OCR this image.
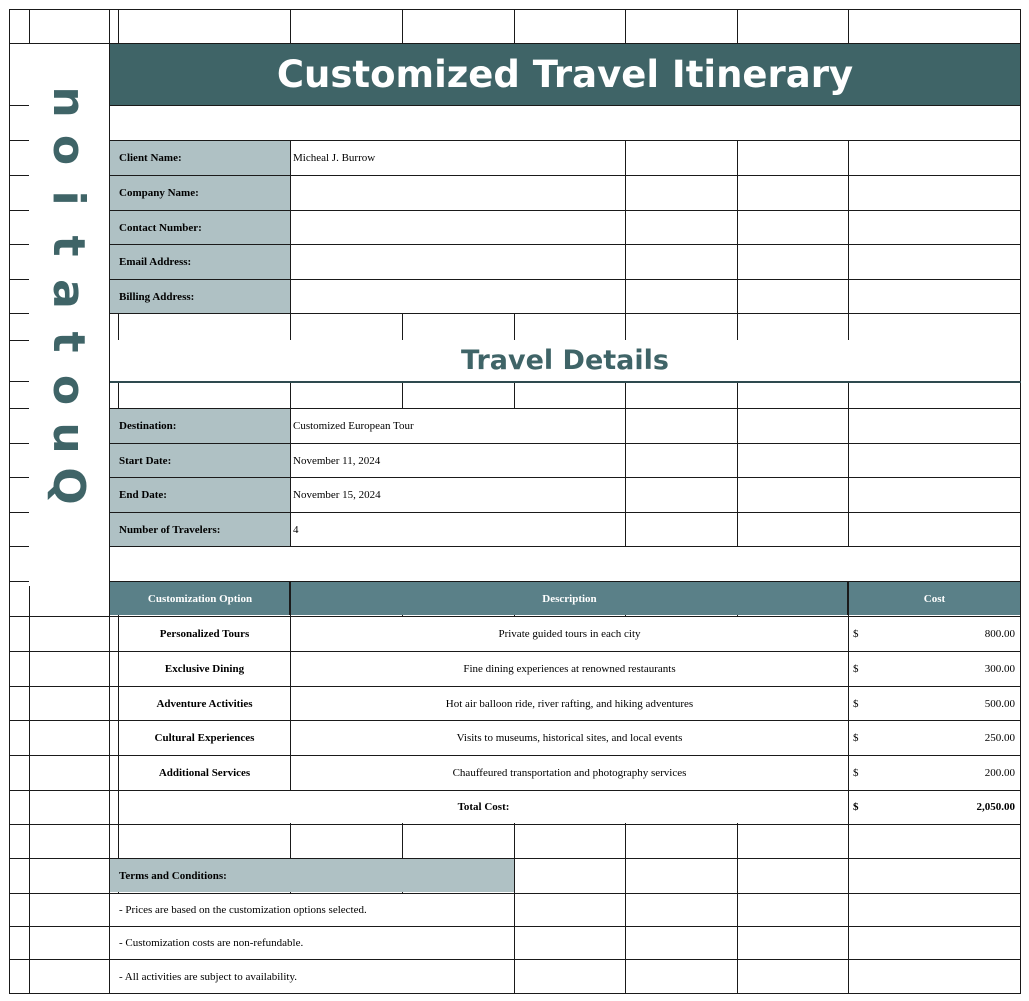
Customized Travel Itinerary
n
o
i
t
a
t
o
u
Q
Client Name:	Micheal J. Burrow
Company Name:
Contact Number:
Email Address:
Billing Address:
Travel Details
Destination:	Customized European Tour
Start Date:	November 11, 2024
End Date:	November 15, 2024
Number of Travelers:	4
Customization Option	Description	Cost
Personalized Tours	Private guided tours in each city	$	800.00
Exclusive Dining	Fine dining experiences at renowned restaurants	$	300.00
Adventure Activities	Hot air balloon ride, river rafting, and hiking adventures	$	500.00
Cultural Experiences	Visits to museums, historical sites, and local events	$	250.00
Additional Services	Chauffeured transportation and photography services	$	200.00
Total Cost:	$	2,050.00
Terms and Conditions:
- Prices are based on the customization options selected.
- Customization costs are non-refundable.
- All activities are subject to availability.
